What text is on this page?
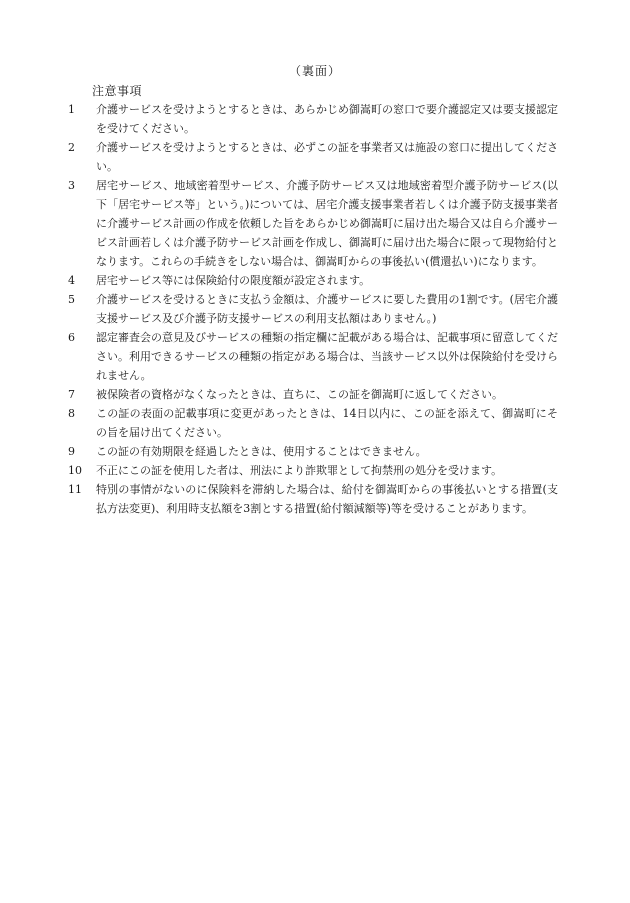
（裏面）
注意事項
1	介護サービスを受けようとするときは、あらかじめ御嵩町の窓口で要介護認定又は要支援認定を受けてください。
2	介護サービスを受けようとするときは、必ずこの証を事業者又は施設の窓口に提出してください。
3	居宅サービス、地域密着型サービス、介護予防サービス又は地域密着型介護予防サービス(以下「居宅サービス等」という。)については、居宅介護支援事業者若しくは介護予防支援事業者に介護サービス計画の作成を依頼した旨をあらかじめ御嵩町に届け出た場合又は自ら介護サービス計画若しくは介護予防サービス計画を作成し、御嵩町に届け出た場合に限って現物給付となります。これらの手続きをしない場合は、御嵩町からの事後払い(償還払い)になります。
4	居宅サービス等には保険給付の限度額が設定されます。
5	介護サービスを受けるときに支払う金額は、介護サービスに要した費用の1割です。(居宅介護支援サービス及び介護予防支援サービスの利用支払額はありません。)
6	認定審査会の意見及びサービスの種類の指定欄に記載がある場合は、記載事項に留意してください。利用できるサービスの種類の指定がある場合は、当該サービス以外は保険給付を受けられません。
7	被保険者の資格がなくなったときは、直ちに、この証を御嵩町に返してください。
8	この証の表面の記載事項に変更があったときは、14日以内に、この証を添えて、御嵩町にその旨を届け出てください。
9	この証の有効期限を経過したときは、使用することはできません。
10	不正にこの証を使用した者は、刑法により詐欺罪として拘禁刑の処分を受けます。
11	特別の事情がないのに保険料を滞納した場合は、給付を御嵩町からの事後払いとする措置(支払方法変更)、利用時支払額を3割とする措置(給付額減額等)等を受けることがあります。
